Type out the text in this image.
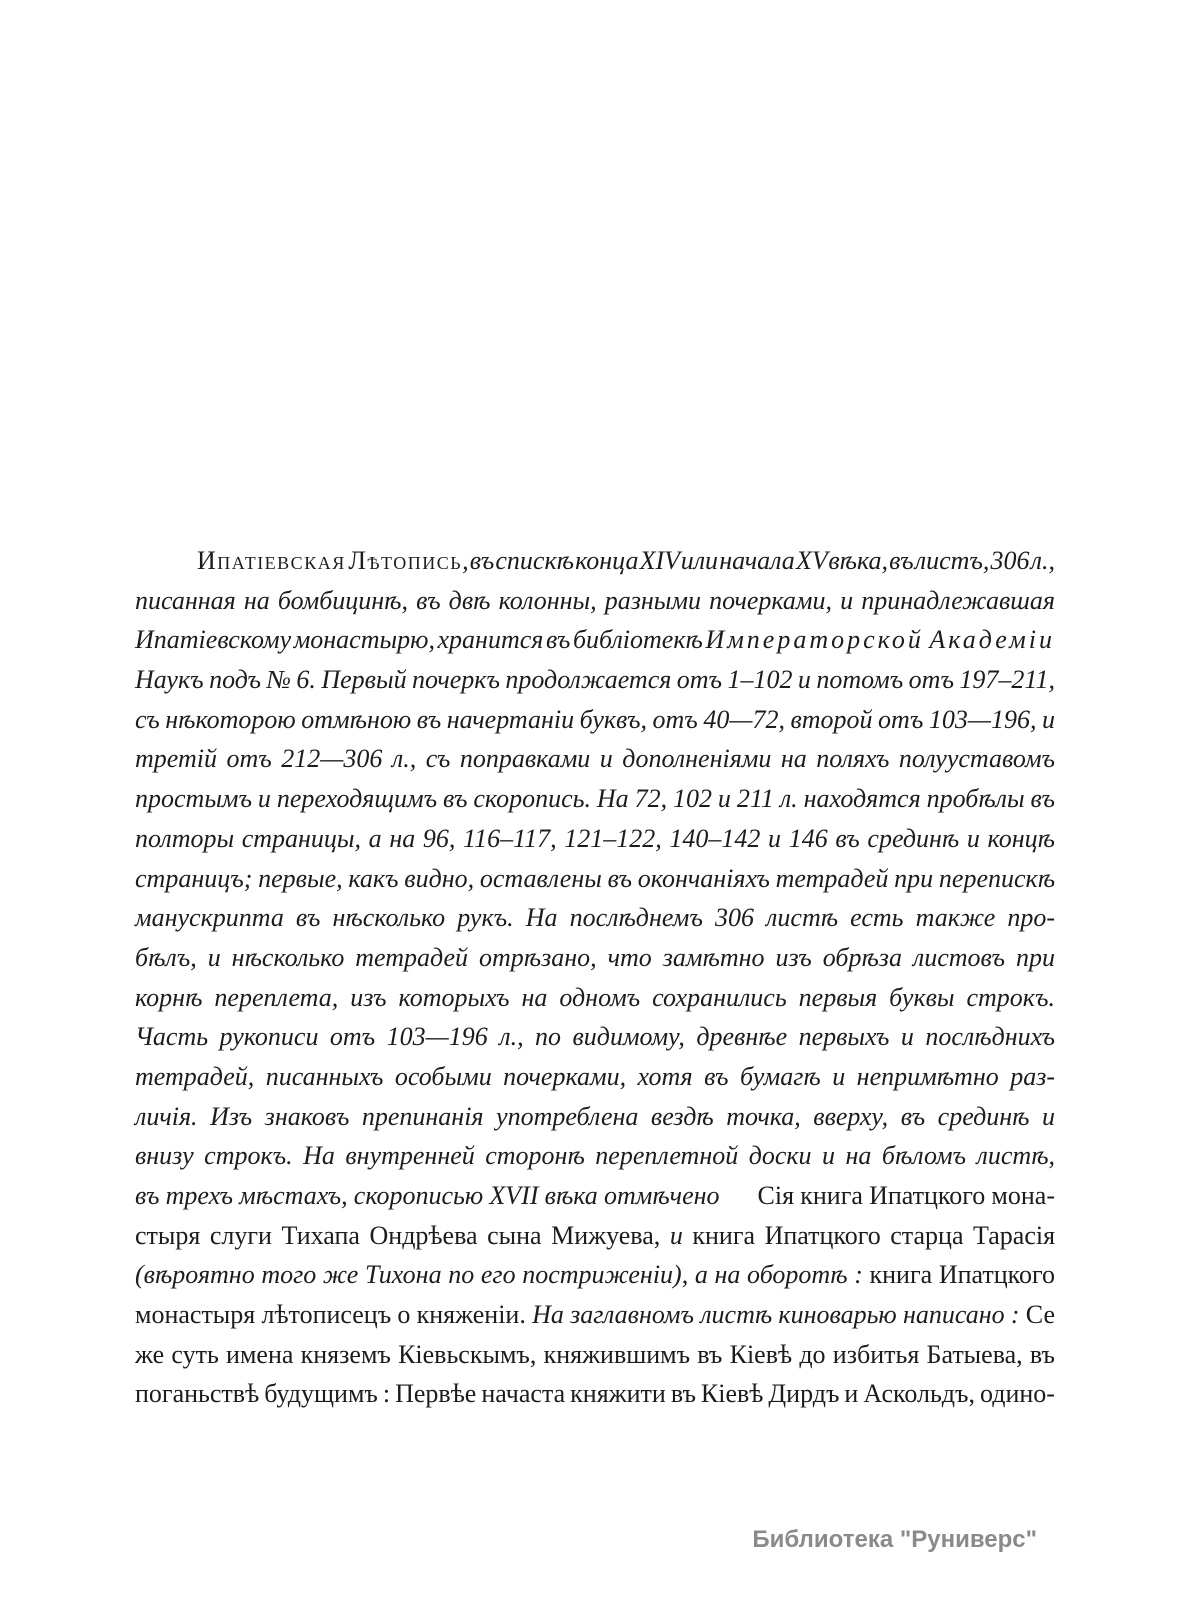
Ипатіевская Лѣтопись, въ спискѣ конца XIV или начала XV вѣка, въ листъ, 306 л.,
писанная на бомбицинѣ, въ двѣ колонны, разными почерками, и принадлежавшая
Ипатіевскому монастырю, хранится въ библіотекѣ Императорской Академіи
Наукъ подъ № 6. Первый почеркъ продолжается отъ 1–102 и потомъ отъ 197–211,
съ нѣкоторою отмѣною въ начертаніи буквъ, отъ 40—72, второй отъ 103—196, и
третій отъ 212—306 л., съ поправками и дополненіями на поляхъ полууставомъ
простымъ и переходящимъ въ скоропись. На 72, 102 и 211 л. находятся пробѣлы въ
полторы страницы, а на 96, 116–117, 121–122, 140–142 и 146 въ срединѣ и концѣ
страницъ; первые, какъ видно, оставлены въ окончаніяхъ тетрадей при перепискѣ
манускрипта въ нѣсколько рукъ. На послѣднемъ 306 листѣ есть также про-
бѣлъ, и нѣсколько тетрадей отрѣзано, что замѣтно изъ обрѣза листовъ при
корнѣ переплета, изъ которыхъ на одномъ сохранились первыя буквы строкъ.
Часть рукописи отъ 103—196 л., по видимому, древнѣе первыхъ и послѣднихъ
тетрадей, писанныхъ особыми почерками, хотя въ бумагѣ и непримѣтно раз-
личія. Изъ знаковъ препинанія употреблена вездѣ точка, вверху, въ срединѣ и
внизу строкъ. На внутренней сторонѣ переплетной доски и на бѣломъ листѣ,
въ трехъ мѣстахъ, скорописью XVII вѣка отмѣчено Сія книга Ипатцкого мона-
стыря слуги Тихапа Ондрѣева сына Мижуева, и книга Ипатцкого старца Тарасія
(вѣроятно того же Тихона по его постриженіи), а на оборотѣ : книга Ипатцкого
монастыря лѣтописецъ о княженіи. На заглавномъ листѣ киноварью написано : Се
же суть имена княземъ Кіевьскымъ, княжившимъ въ Кіевѣ до избитья Батыева, въ
поганьствѣ будущимъ : Первѣе начаста княжити въ Кіевѣ Дирдъ и Аскольдъ, одино-
Библиотека "Руниверс"
